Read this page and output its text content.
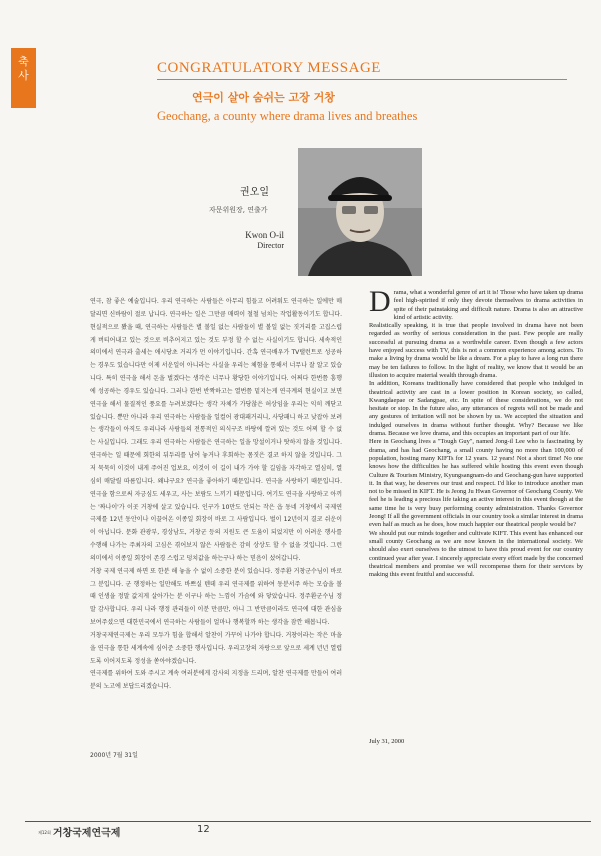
축
사	CONGRATULATORY MESSAGE
연극이 살아 숨쉬는 고장 거창
Geochang, a county where drama lives and breathes
권오일
자문위원장, 연출가
Kwon O-il
Director

연극, 참 좋은 예술입니다. 우리 연극하는 사람들은 아무리 힘들고 어려워도 연극하는 일에만 매달리면 신바람이 절로 납니다. 연극하는 일은 그만큼 매력이 철철 넘치는 작업활동이기도 합니다. 현실적으로 봤을 때, 연극하는 사람들은 별 볼일 없는 사람들이 별 볼일 없는 짓거리를 고집스럽게 버티어내고 있는 것으로 비추어지고 있는 것도 부정 할 수 없는 사실이기도 합니다. 세속적인 의미에서 연극과 출세는 애시당초 거리가 먼 이야기입니다. 간혹 연극배우가 TV탤런트로 성공하는 경우도 있습니다만 이제 서운일이 아니라는 사실을 우리는 체험을 통해서 너무나 잘 알고 있습니다. 특히 연극을 해서 돈을 벌겠다는 생각은 너무나 황당한 이야기입니다. 어쩌다 한번쯤 흥행에 성공하는 경우도 있습니다. 그러나 한번 반짝하고는 열번쯤 밑지는게 연극계의 현실이고 보면 연극을 해서 물질적인 풍요를 누려보겠다는 생각 자체가 가당찮은 허상임을 우리는 익히 깨닫고 있습니다. 뿐만 아니라 우리 연극하는 사람들을 일컬어 광대패거리니, 사당패니 하고 낮잡아 보려는 생각들이 아직도 우리나라 사람들의 전통적인 의식구조 바탕에 깔려 있는 것도 어찌 할 수 없는 사실입니다. 그래도 우리 연극하는 사람들은 연극하는 일을 망설이거나 탓하지 않을 것입니다. 연극하는 일 때문에 회한의 뒤두리를 남어 놓거나 후회하는 몸짓은 결코 하지 않을 것입니다. 그저 묵묵히 이것이 내게 주어진 업보요, 이것이 이 길이 내가 가야 할 길임을 자각하고 열심히, 열심히 매달릴 따름입니다. 왜냐구요? 연극을 좋아하기 때문입니다. 연극을 사랑하기 때문입니다. 연극을 함으로써 자긍심도 세우고, 사는 보람도 느끼기 때문입니다. 여기도 연극을 사랑하고 아끼는 '짜나이'가 이곳 거창에 살고 있습니다. 인구가 10만도 안되는 작은 읍 동네 거창에서 국제연극제를 12년 동안이나 이끌어온 이종일 회장이 바로 그 사람입니다. 벌이 12년이지 결코 쉬운이이 아닙니다. 문화 관광부, 경상남도, 거창군 등의 지원도 큰 도움이 되었지만 이 어려운 행사를 수행해 나가는 주최자의 고심은 겪어보지 않은 사람들은 감히 상상도 할 수 없을 것입니다. 그런 의미에서 이종일 회장이 존경 스럽고 덩치값을 하는구나 하는 믿음이 섰어갑니다.

거창 국제 연극제 하면 또 한분 해 놓을 수 없이 소중한 분이 있습니다. 정주환 거창군수님이 바로 그 분입니다. 군 행정하는 일만해도 바쁘실 텐데 우리 연극제를 위하여 동분서주 하는 모습을 볼 때 인생을 정말 값지게 살아가는 분 이구나 하는 느낌이 가슴에 와 닿았습니다. 정주환군수님 정말 감사합니다. 우리 나라 행정 관리들이 이분 만큼만, 아니 그 반만큼이라도 연극에 대한 관심을 보여주셨으면 대한민국에서 연극하는 사람들이 얼마나 행복할까 하는 생각을 잠깐 해봅니다.

거창국제연극제는 우리 모두가 힘을 합해서 알찬이 가꾸어 나가야 합니다. 거창이라는 작은 마을을 연극을 통한 세계속에 심어준 소중한 행사입니다. 우리고장의 자랑으로 앞으로 세계 년년 열럽도록 이어지도록 정성을 쏟아야겠습니다.

연극제를 위하여 도와 주시고 계속 여러분에게 감사의 지정을 드리며, 알찬 연극제를 만들어 여러분의 노고에 보답드리겠습니다.

2000년 7월 31일

Drama, what a wonderful genre of art it is! Those who have taken up drama feel high-spirited if only they devote themselves to drama activities in spite of their painstaking and difficult nature. Drama is also an attractive kind of artistic activity.

Realistically speaking, it is true that people involved in drama have not been regarded as worthy of serious consideration in the past. Few people are really successful at pursuing drama as a worthwhile career. Even though a few actors have enjoyed success with TV, this is not a common experience among actors. To make a living by drama would be like a dream. For a play to have a long run there may be ten failures to follow. In the light of reality, we know that it would be an illusion to acquire material wealth through drama.

In addition, Koreans traditionally have considered that people who indulged in theatrical activity are cast in a lower position in Korean society, so called, Kwangdaepae or Sadangpae, etc. In spite of these considerations, we do not hesitate or stop. In the future also, any utterances of regrets will not be made and any gestures of irritation will not be shown by us. We accepted the situation and indulged ourselves in drama without further thought. Why? Because we like drama. Because we love drama, and this occupies an important part of our life.

Here in Geochang lives a "Tough Guy", named Jong-il Lee who is fascinating by drama, and has had Geochang, a small county having no more than 100,000 of population, hosting many KIFTs for 12 years. 12 years! Not a short time! No one knows how the difficulties he has suffered while hosting this event even though Culture & Tourism Ministry, Kyungsangnam-do and Geochang-gun have supported it. In that way, he deserves our trust and respect. I'd like to introduce another man not to be missed in KIFT. He is Jeong Ju Hwan Governor of Geochang County. We feel he is leading a precious life taking an active interest in this event though at the same time he is very busy performing county administration. Thanks Governor Jeong! If all the government officials in our country took a similar interest in drama even half as much as he does, how much happier our theatrical people would be?

We should put our minds together and cultivate KIFT. This event has enhanced our small county Geochang as we are now known in the international society. We should also exert ourselves to the utmost to have this proud event for our country continued year after year. I sincerely appreciate every effort made by the concerned theatrical members and promise we will recompense them for their services by making this event fruitful and successful.

July 31, 2000
제12회 거창국제연극제	12
